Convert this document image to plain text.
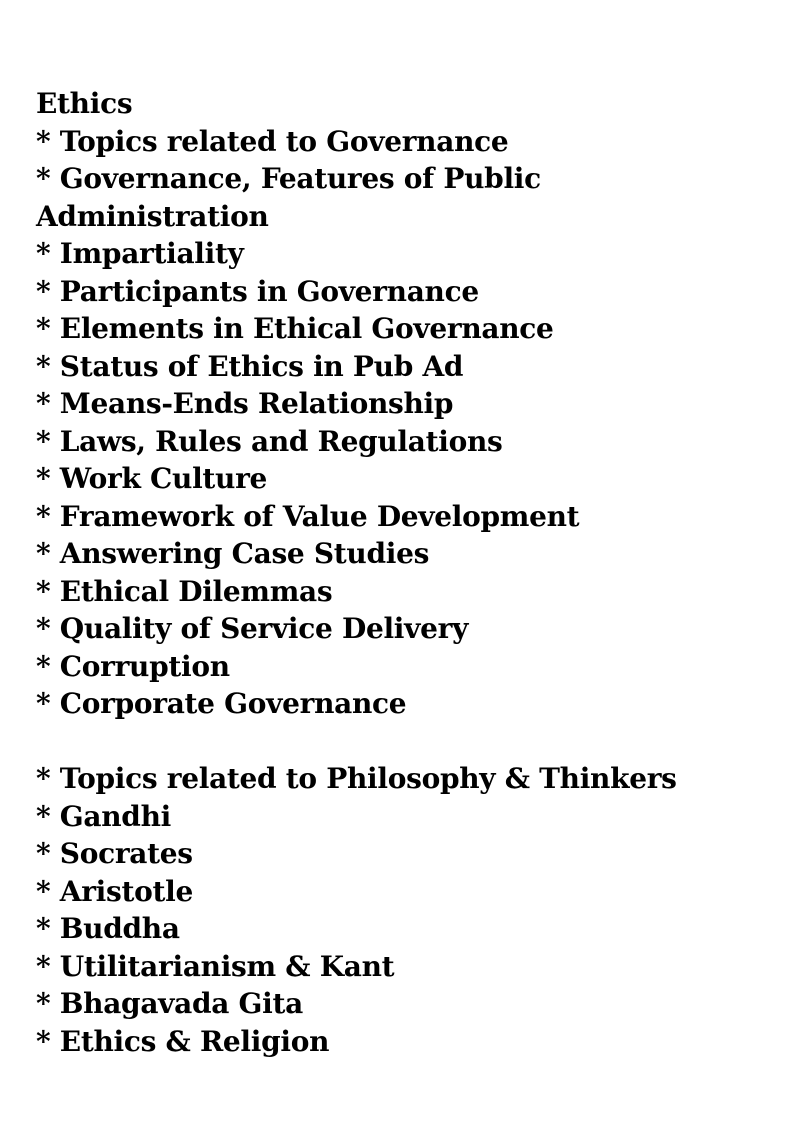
Ethics
* Topics related to Governance
* Governance, Features of Public
Administration
* Impartiality
* Participants in Governance
* Elements in Ethical Governance
* Status of Ethics in Pub Ad
* Means-Ends Relationship
* Laws, Rules and Regulations
* Work Culture
* Framework of Value Development
* Answering Case Studies
* Ethical Dilemmas
* Quality of Service Delivery
* Corruption
* Corporate Governance

* Topics related to Philosophy & Thinkers
* Gandhi
* Socrates
* Aristotle
* Buddha
* Utilitarianism & Kant
* Bhagavada Gita
* Ethics & Religion
